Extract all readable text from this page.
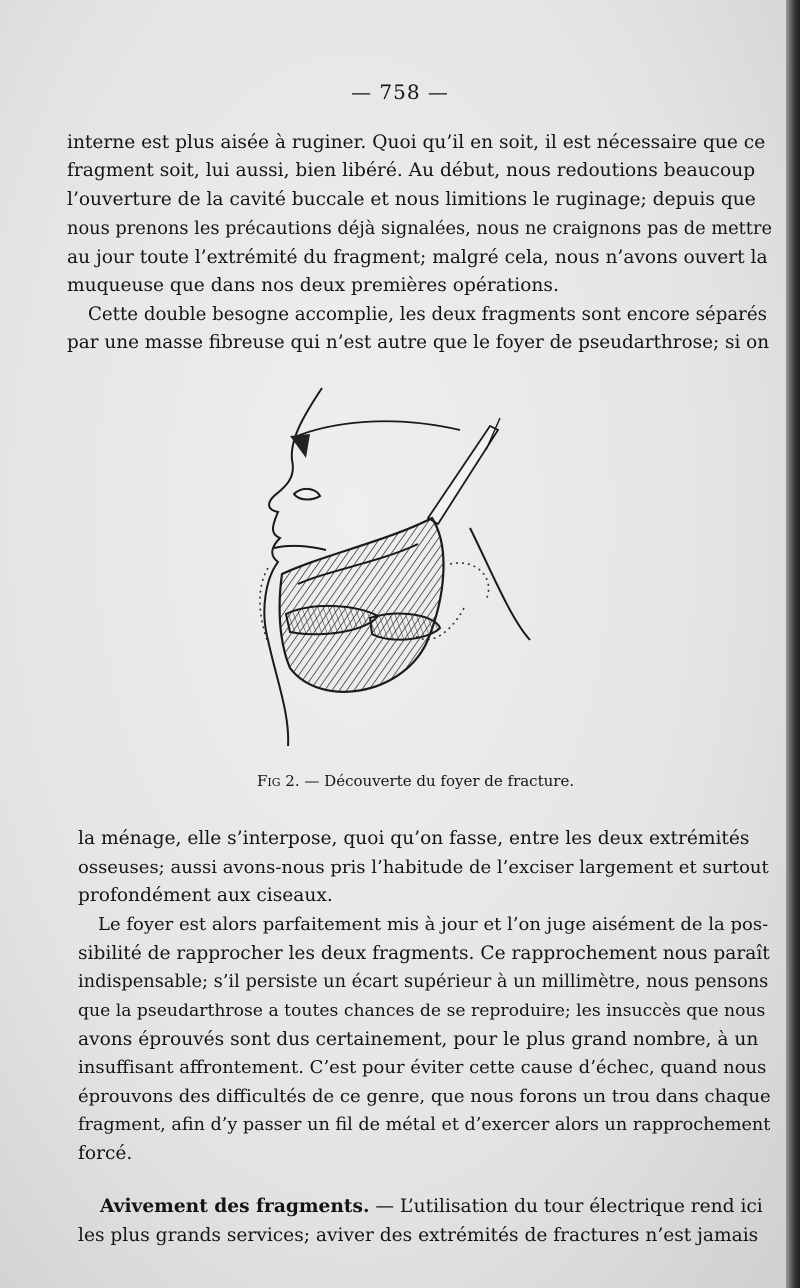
— 758 —
interne est plus aisée à ruginer. Quoi qu’il en soit, il est nécessaire que ce
fragment soit, lui aussi, bien libéré. Au début, nous redoutions beaucoup
l’ouverture de la cavité buccale et nous limitions le ruginage; depuis que
nous prenons les précautions déjà signalées, nous ne craignons pas de mettre
au jour toute l’extrémité du fragment; malgré cela, nous n’avons ouvert la
muqueuse que dans nos deux premières opérations.
Cette double besogne accomplie, les deux fragments sont encore séparés
par une masse fibreuse qui n’est autre que le foyer de pseudarthrose; si on
Fig 2. — Découverte du foyer de fracture.
la ménage, elle s’interpose, quoi qu’on fasse, entre les deux extrémités
osseuses; aussi avons-nous pris l’habitude de l’exciser largement et surtout
profondément aux ciseaux.
Le foyer est alors parfaitement mis à jour et l’on juge aisément de la pos-
sibilité de rapprocher les deux fragments. Ce rapprochement nous paraît
indispensable; s’il persiste un écart supérieur à un millimètre, nous pensons
que la pseudarthrose a toutes chances de se reproduire; les insuccès que nous
avons éprouvés sont dus certainement, pour le plus grand nombre, à un
insuffisant affrontement. C’est pour éviter cette cause d’échec, quand nous
éprouvons des difficultés de ce genre, que nous forons un trou dans chaque
fragment, afin d’y passer un fil de métal et d’exercer alors un rapprochement
forcé.
Avivement des fragments. — L’utilisation du tour électrique rend ici
les plus grands services; aviver des extrémités de fractures n’est jamais
